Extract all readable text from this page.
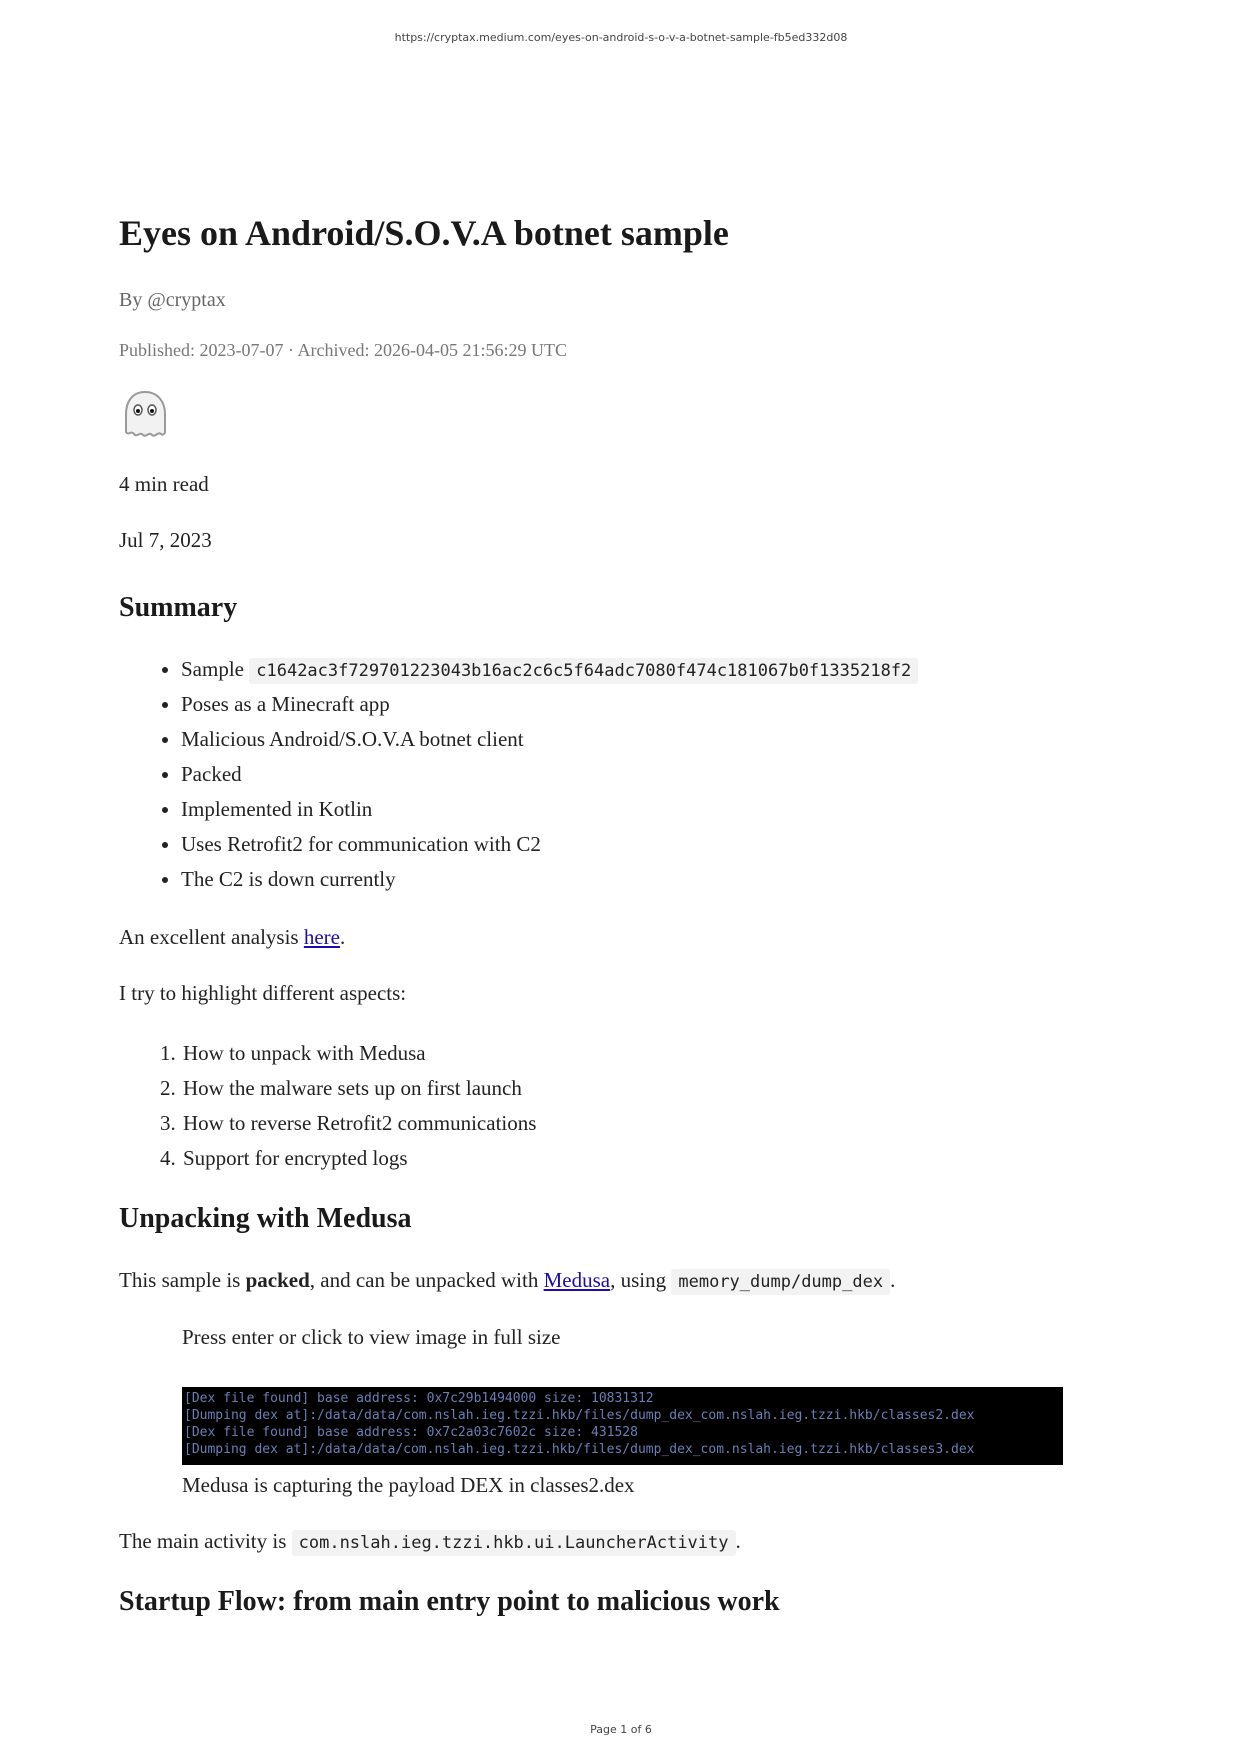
https://cryptax.medium.com/eyes-on-android-s-o-v-a-botnet-sample-fb5ed332d08
Eyes on Android/S.O.V.A botnet sample
By @cryptax
Published: 2023-07-07 · Archived: 2026-04-05 21:56:29 UTC
4 min read
Jul 7, 2023
Summary
• Sample c1642ac3f729701223043b16ac2c6c5f64adc7080f474c181067b0f1335218f2
• Poses as a Minecraft app
• Malicious Android/S.O.V.A botnet client
• Packed
• Implemented in Kotlin
• Uses Retrofit2 for communication with C2
• The C2 is down currently
An excellent analysis here.
I try to highlight different aspects:
1. How to unpack with Medusa
2. How the malware sets up on first launch
3. How to reverse Retrofit2 communications
4. Support for encrypted logs
Unpacking with Medusa
This sample is packed, and can be unpacked with Medusa, using memory_dump/dump_dex .
Press enter or click to view image in full size
[Dex file found] base address: 0x7c29b1494000 size: 10831312
[Dumping dex at]:/data/data/com.nslah.ieg.tzzi.hkb/files/dump_dex_com.nslah.ieg.tzzi.hkb/classes2.dex
[Dex file found] base address: 0x7c2a03c7602c size: 431528
[Dumping dex at]:/data/data/com.nslah.ieg.tzzi.hkb/files/dump_dex_com.nslah.ieg.tzzi.hkb/classes3.dex
Medusa is capturing the payload DEX in classes2.dex
The main activity is com.nslah.ieg.tzzi.hkb.ui.LauncherActivity .
Startup Flow: from main entry point to malicious work
Page 1 of 6
